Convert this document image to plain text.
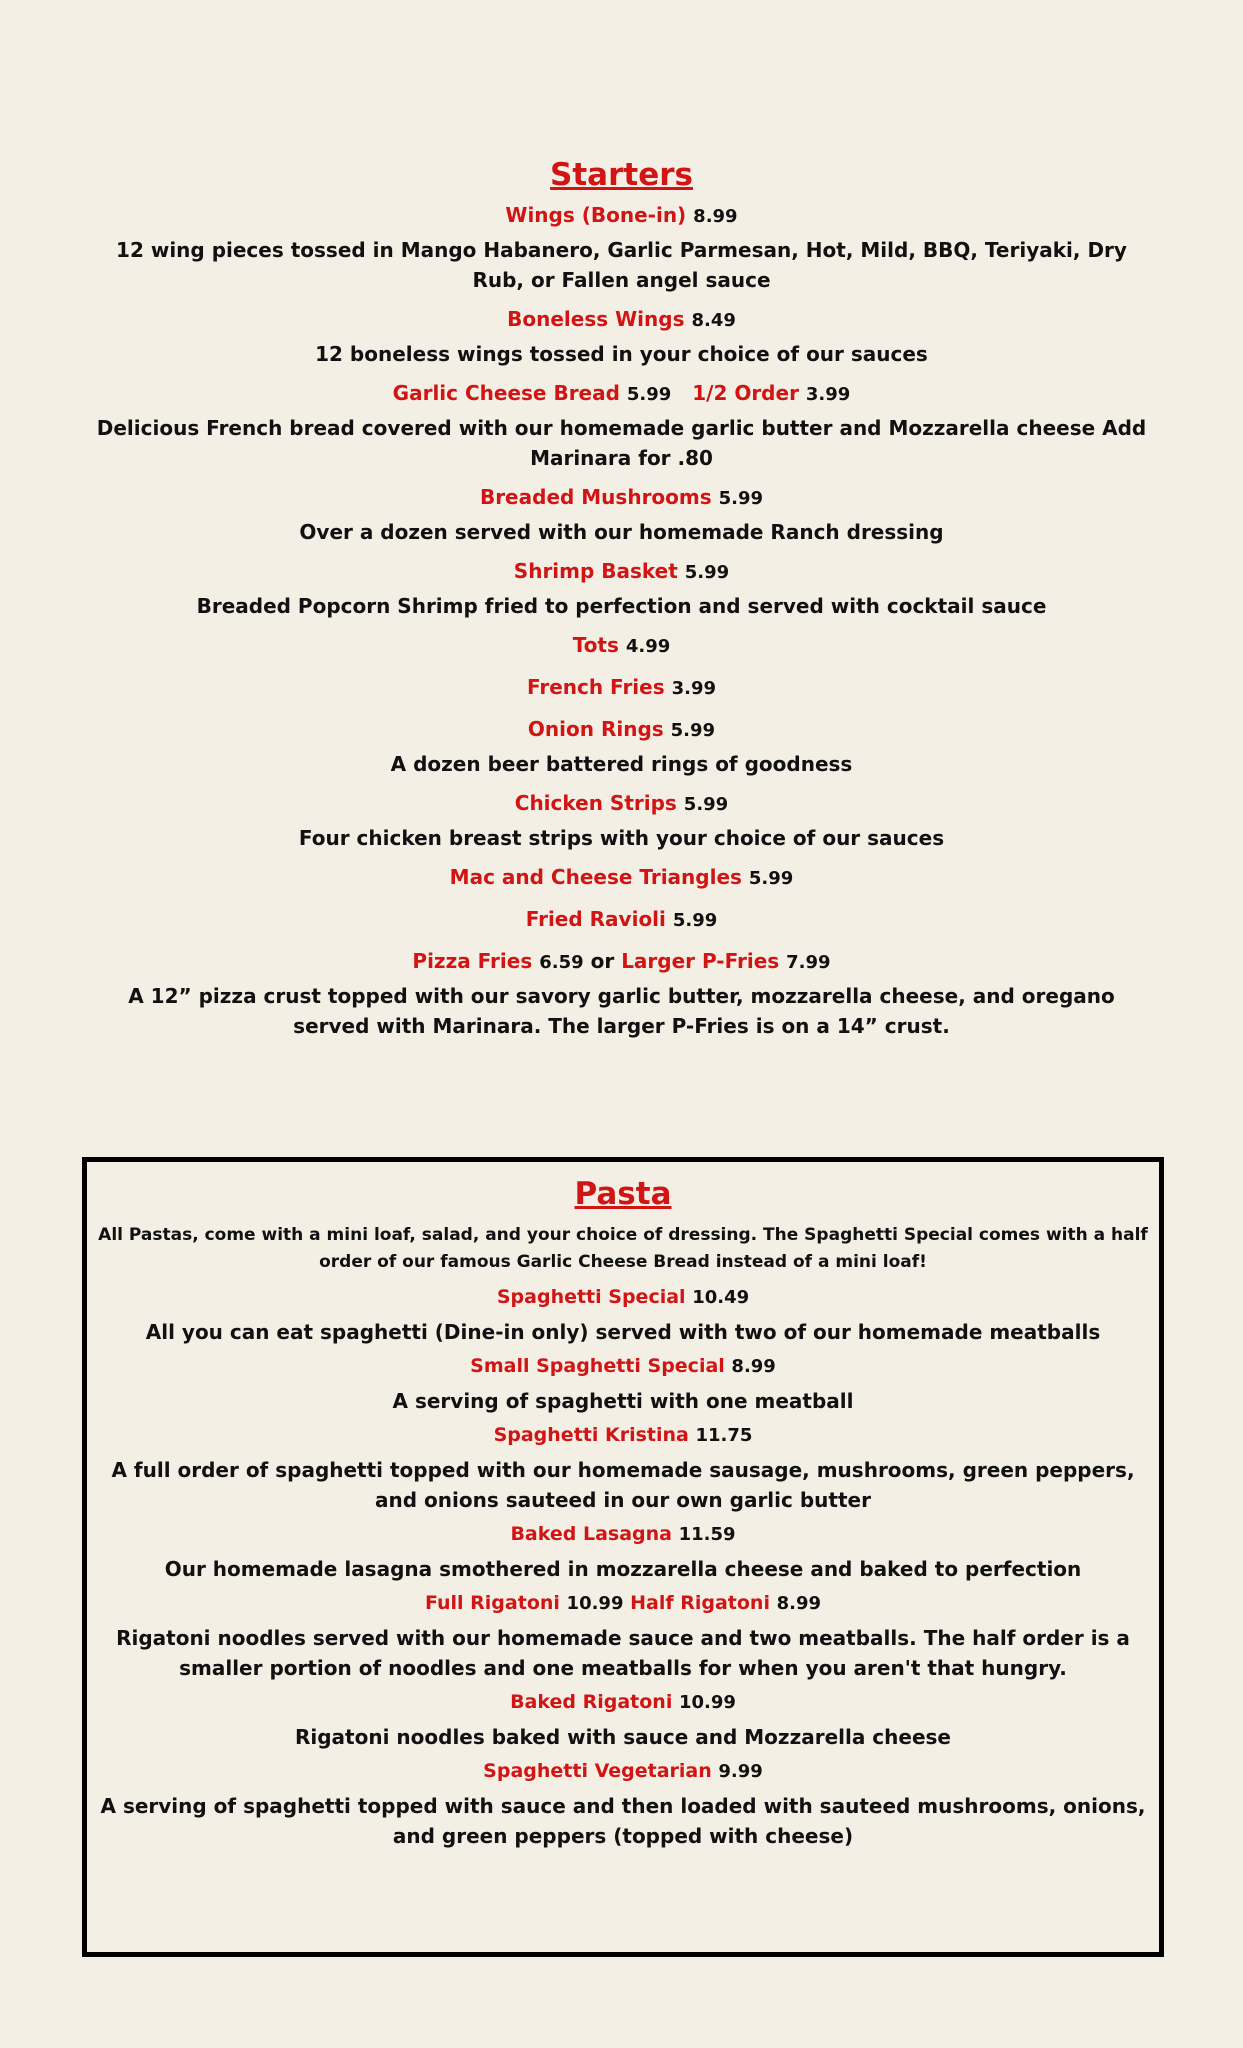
Starters
Wings (Bone-in) 8.99
12 wing pieces tossed in Mango Habanero, Garlic Parmesan, Hot, Mild, BBQ, Teriyaki, Dry Rub, or Fallen angel sauce
Boneless Wings 8.49
12 boneless wings tossed in your choice of our sauces
Garlic Cheese Bread 5.99 1/2 Order 3.99
Delicious French bread covered with our homemade garlic butter and Mozzarella cheese Add Marinara for .80
Breaded Mushrooms 5.99
Over a dozen served with our homemade Ranch dressing
Shrimp Basket 5.99
Breaded Popcorn Shrimp fried to perfection and served with cocktail sauce
Tots 4.99
French Fries 3.99
Onion Rings 5.99
A dozen beer battered rings of goodness
Chicken Strips 5.99
Four chicken breast strips with your choice of our sauces
Mac and Cheese Triangles 5.99
Fried Ravioli 5.99
Pizza Fries 6.59 or Larger P-Fries 7.99
A 12” pizza crust topped with our savory garlic butter, mozzarella cheese, and oregano served with Marinara. The larger P-Fries is on a 14” crust.
Pasta
All Pastas, come with a mini loaf, salad, and your choice of dressing. The Spaghetti Special comes with a half order of our famous Garlic Cheese Bread instead of a mini loaf!
Spaghetti Special 10.49
All you can eat spaghetti (Dine-in only) served with two of our homemade meatballs
Small Spaghetti Special 8.99
A serving of spaghetti with one meatball
Spaghetti Kristina 11.75
A full order of spaghetti topped with our homemade sausage, mushrooms, green peppers, and onions sauteed in our own garlic butter
Baked Lasagna 11.59
Our homemade lasagna smothered in mozzarella cheese and baked to perfection
Full Rigatoni 10.99 Half Rigatoni 8.99
Rigatoni noodles served with our homemade sauce and two meatballs. The half order is a smaller portion of noodles and one meatballs for when you aren't that hungry.
Baked Rigatoni 10.99
Rigatoni noodles baked with sauce and Mozzarella cheese
Spaghetti Vegetarian 9.99
A serving of spaghetti topped with sauce and then loaded with sauteed mushrooms, onions, and green peppers (topped with cheese)
